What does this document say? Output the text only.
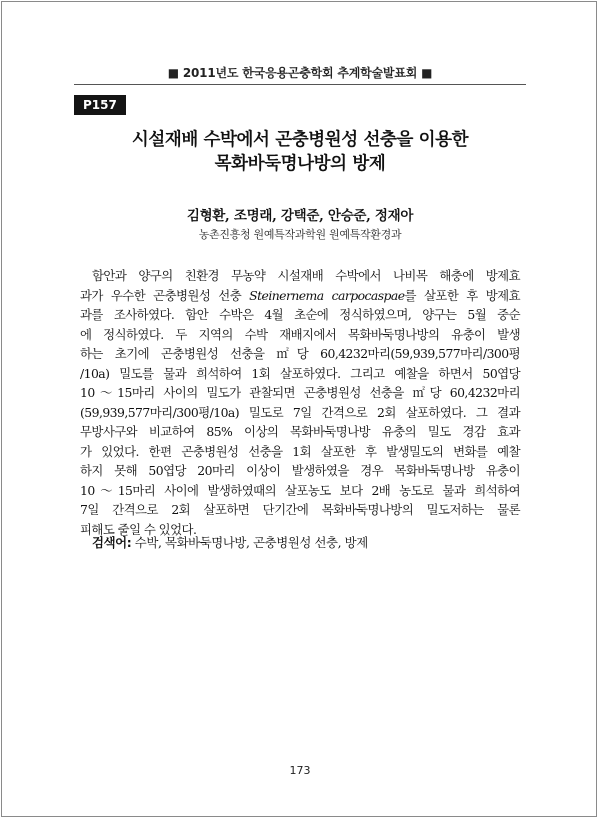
■ 2011년도 한국응용곤충학회 추계학술발표회 ■
P157
시설재배 수박에서 곤충병원성 선충을 이용한
목화바둑명나방의 방제
김형환, 조명래, 강택준, 안승준, 정재아
농촌진흥청 원예특작과학원 원예특작환경과
함안과 양구의 친환경 무농약 시설재배 수박에서 나비목 해충에 방제효
과가 우수한 곤충병원성 선충 Steinernema carpocaspae를 살포한 후 방제효
과를 조사하였다. 함안 수박은 4월 초순에 정식하였으며, 양구는 5월 중순
에 정식하였다. 두 지역의 수박 재배지에서 목화바둑명나방의 유충이 발생
하는 초기에 곤충병원성 선충을 ㎡당 60,4232마리(59,939,577마리/300평
/10a) 밀도를 물과 희석하여 1회 살포하였다. 그리고 예찰을 하면서 50엽당
10～15마리 사이의 밀도가 관찰되면 곤충병원성 선충을 ㎡당 60,4232마리
(59,939,577마리/300평/10a) 밀도로 7일 간격으로 2회 살포하였다. 그 결과
무방사구와 비교하여 85% 이상의 목화바둑명나방 유충의 밀도 경감 효과
가 있었다. 한편 곤충병원성 선충을 1회 살포한 후 발생밀도의 변화를 예찰
하지 못해 50엽당 20마리 이상이 발생하였을 경우 목화바둑명나방 유충이
10～15마리 사이에 발생하였때의 살포농도 보다 2배 농도로 물과 희석하여
7일 간격으로 2회 살포하면 단기간에 목화바둑명나방의 밀도저하는 물론
피해도 줄일 수 있었다.
검색어: 수박, 목화바둑명나방, 곤충병원성 선충, 방제
173
